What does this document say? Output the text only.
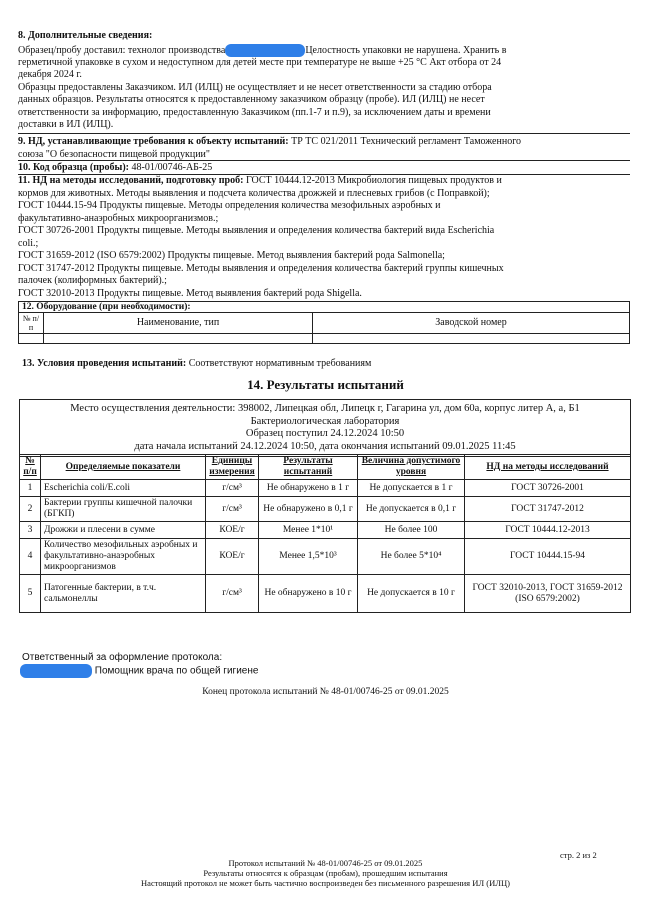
8. Дополнительные сведения:
Образец/пробу доставил: технолог производства	Целостность упаковки не нарушена. Хранить в
герметичной упаковке в сухом и недоступном для детей месте при температуре не выше +25 °С Акт отбора от 24
декабря 2024 г.
Образцы предоставлены Заказчиком. ИЛ (ИЛЦ) не осуществляет и не несет ответственности за стадию отбора
данных образцов. Результаты относятся к предоставленному заказчиком образцу (пробе). ИЛ (ИЛЦ) не несет
ответственности за информацию, предоставленную Заказчиком (пп.1-7 и п.9), за исключением даты и времени
доставки в ИЛ (ИЛЦ).
9. НД, устанавливающие требования к объекту испытаний: ТР ТС 021/2011 Технический регламент Таможенного
союза "О безопасности пищевой продукции"
10. Код образца (пробы): 48-01/00746-АБ-25
11. НД на методы исследований, подготовку проб: ГОСТ 10444.12-2013 Микробиология пищевых продуктов и
кормов для животных. Методы выявления и подсчета количества дрожжей и плесневых грибов (с Поправкой);
ГОСТ 10444.15-94 Продукты пищевые. Методы определения количества мезофильных аэробных и
факультативно-анаэробных микроорганизмов.;
ГОСТ 30726-2001 Продукты пищевые. Методы выявления и определения количества бактерий вида Escherichia
coli.;
ГОСТ 31659-2012 (ISO 6579:2002) Продукты пищевые. Метод выявления бактерий рода Salmonella;
ГОСТ 31747-2012 Продукты пищевые. Методы выявления и определения количества бактерий группы кишечных
палочек (колиформных бактерий).;
ГОСТ 32010-2013 Продукты пищевые. Метод выявления бактерий рода Shigella.
12. Оборудование (при необходимости):		
№ п/п	Наименование, тип	Заводской номер

13. Условия проведения испытаний: Соответствуют нормативным требованиям
14. Результаты испытаний
Место осуществления деятельности: 398002, Липецкая обл, Липецк г, Гагарина ул, дом 60а, корпус литер А, а, Б1
Бактериологическая лаборатория
Образец поступил 24.12.2024 10:50
дата начала испытаний 24.12.2024 10:50, дата окончания испытаний 09.01.2025 11:45
№ п/п	Определяемые показатели	Единицы измерения	Результаты испытаний	Величина допустимого уровня	НД на методы исследований
1	Escherichia coli/E.coli	г/см³	Не обнаружено в 1 г	Не допускается в 1 г	ГОСТ 30726-2001
2	Бактерии группы кишечной палочки (БГКП)	г/см³	Не обнаружено в 0,1 г	Не допускается в 0,1 г	ГОСТ 31747-2012
3	Дрожжи и плесени в сумме	КОЕ/г	Менее 1*10¹	Не более 100	ГОСТ 10444.12-2013
4	Количество мезофильных аэробных и факультативно-анаэробных микроорганизмов	КОЕ/г	Менее 1,5*10³	Не более 5*10⁴	ГОСТ 10444.15-94
5	Патогенные бактерии, в т.ч. сальмонеллы	г/см³	Не обнаружено в 10 г	Не допускается в 10 г	ГОСТ 32010-2013, ГОСТ 31659-2012 (ISO 6579:2002)
Ответственный за оформление протокола:
Помощник врача по общей гигиене
Конец протокола испытаний № 48-01/00746-25 от 09.01.2025
стр. 2 из 2
Протокол испытаний № 48-01/00746-25 от 09.01.2025
Результаты относятся к образцам (пробам), прошедшим испытания
Настоящий протокол не может быть частично воспроизведен без письменного разрешения ИЛ (ИЛЦ)
